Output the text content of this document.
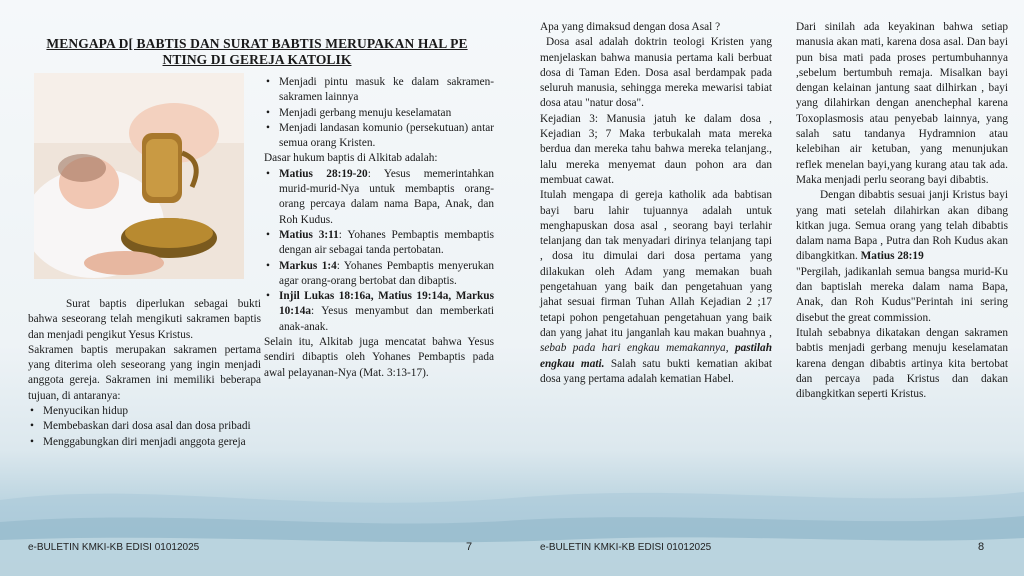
MENGAPA D[ BABTIS DAN SURAT BABTIS MERUPAKAN HAL PE NTING DI GEREJA KATOLIK

Surat baptis diperlukan sebagai bukti bahwa seseorang telah mengikuti sakramen baptis dan menjadi pengikut Yesus Kristus.

Sakramen baptis merupakan sakramen pertama yang diterima oleh seseorang yang ingin menjadi anggota gereja. Sakramen ini memiliki beberapa tujuan, di antaranya:

• Menyucikan hidup
• Membebaskan dari dosa asal dan dosa pribadi
• Menggabungkan diri menjadi anggota gereja
• Menjadi pintu masuk ke dalam sakramen-sakramen lainnya
• Menjadi gerbang menuju keselamatan
• Menjadi landasan komunio (persekutuan) antar semua orang Kristen.

Dasar hukum baptis di Alkitab adalah:

• Matius 28:19-20: Yesus memerintahkan murid-murid-Nya untuk membaptis orang-orang percaya dalam nama Bapa, Anak, dan Roh Kudus.
• Matius 3:11: Yohanes Pembaptis membaptis dengan air sebagai tanda pertobatan.
• Markus 1:4: Yohanes Pembaptis menyerukan agar orang-orang bertobat dan dibaptis.
• Injil Lukas 18:16a, Matius 19:14a, Markus 10:14a: Yesus menyambut dan memberkati anak-anak.

Selain itu, Alkitab juga mencatat bahwa Yesus sendiri dibaptis oleh Yohanes Pembaptis pada awal pelayanan-Nya (Mat. 3:13-17).

e-BULETIN KMKI-KB EDISI 01012025	7

Apa yang dimaksud dengan dosa Asal ?

Dosa asal adalah doktrin teologi Kristen yang menjelaskan bahwa manusia pertama kali berbuat dosa di Taman Eden. Dosa asal berdampak pada seluruh manusia, sehingga mereka mewarisi tabiat dosa atau "natur dosa".

Kejadian 3: Manusia jatuh ke dalam dosa , Kejadian 3; 7 Maka terbukalah mata mereka berdua dan mereka tahu bahwa mereka telanjang., lalu mereka menyemat daun pohon ara dan membuat cawat.

Itulah mengapa di gereja katholik ada babtisan bayi baru lahir tujuannya adalah untuk menghapuskan dosa asal , seorang bayi terlahir telanjang dan tak menyadari dirinya telanjang tapi , dosa itu dimulai dari dosa pertama yang dilakukan oleh Adam yang memakan buah pengetahuan yang baik dan pengetahuan yang jahat sesuai firman Tuhan Allah Kejadian 2 ;17 tetapi pohon pengetahuan pengetahuan yang baik dan yang jahat itu janganlah kau makan buahnya , sebab pada hari engkau memakannya, pastilah engkau mati. Salah satu bukti kematian akibat dosa yang pertama adalah kematian Habel.

Dari sinilah ada keyakinan bahwa setiap manusia akan mati, karena dosa asal. Dan bayi pun bisa mati pada proses pertumbuhannya ,sebelum bertumbuh remaja. Misalkan bayi dengan kelainan jantung saat dilhirkan , bayi yang dilahirkan dengan anenchephal karena Toxoplasmosis atau penyebab lainnya, yang salah satu tandanya Hydramnion atau kelebihan air ketuban, yang menunjukan reflek menelan bayi,yang kurang atau tak ada. Maka menjadi perlu seorang bayi dibabtis.

Dengan dibabtis sesuai janji Kristus bayi yang mati setelah dilahirkan akan dibang kitkan juga. Semua orang yang telah dibabtis dalam nama Bapa , Putra dan Roh Kudus akan dibangkitkan. Matius 28:19

"Pergilah, jadikanlah semua bangsa murid-Ku dan baptislah mereka dalam nama Bapa, Anak, dan Roh Kudus"Perintah ini sering disebut the great commission.

Itulah sebabnya dikatakan dengan sakramen babtis menjadi gerbang menuju keselamatan karena dengan dibabtis artinya kita bertobat dan percaya pada Kristus dan dakan dibangkitkan seperti Kristus.

e-BULETIN KMKI-KB EDISI 01012025	8
